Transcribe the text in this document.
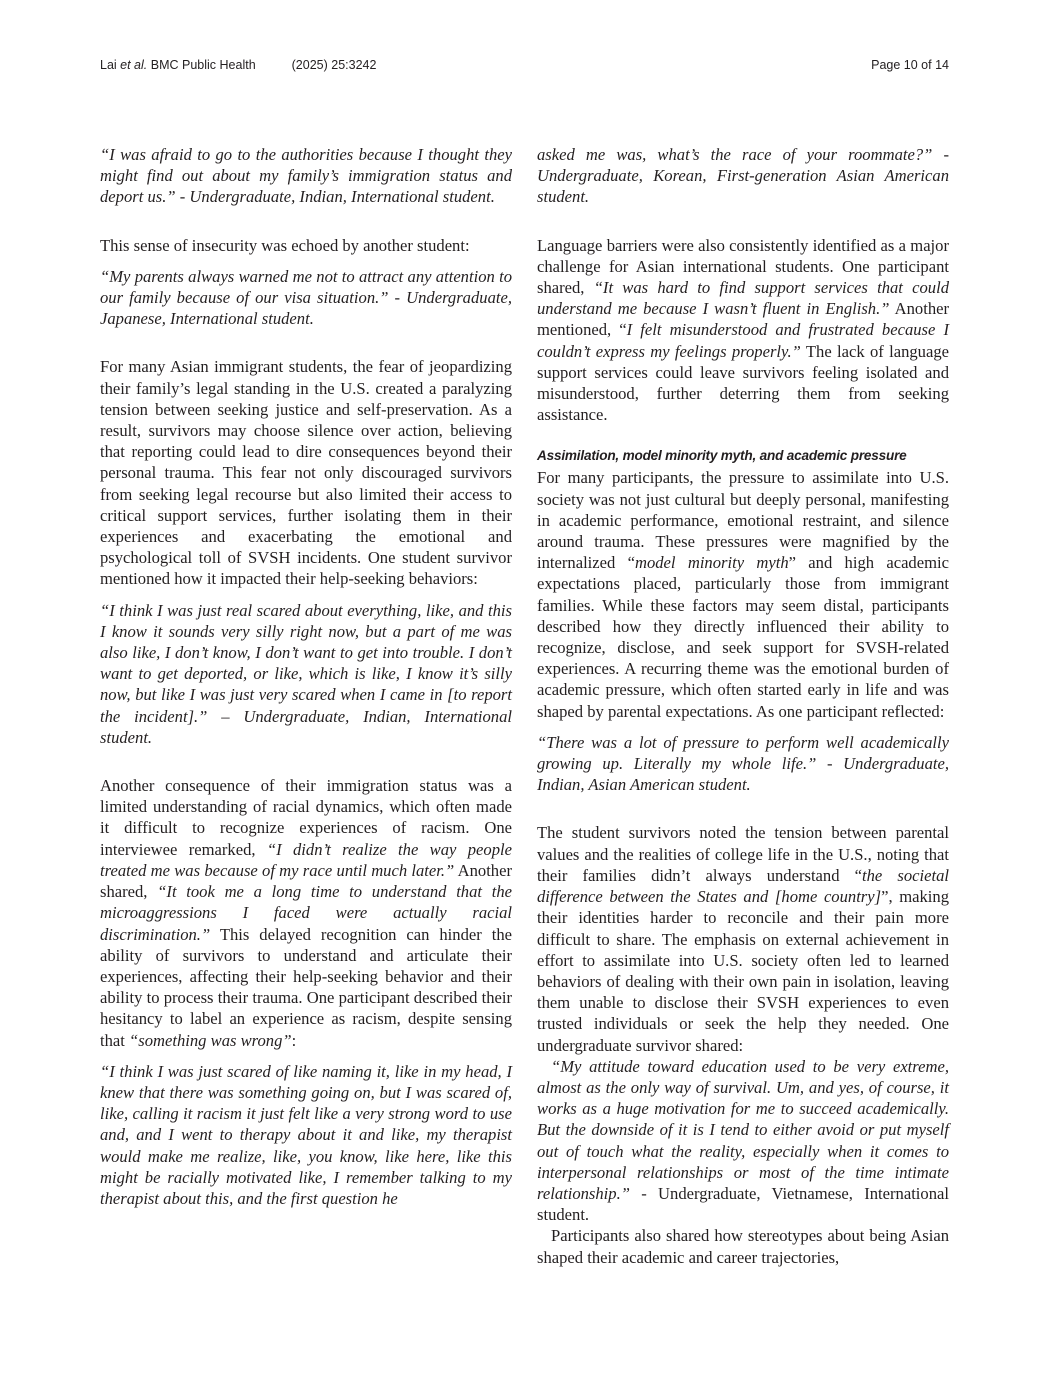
Lai et al. BMC Public Health	(2025) 25:3242	Page 10 of 14

“I was afraid to go to the authorities because I thought they might find out about my family’s immigration status and deport us.” - Undergraduate, Indian, International student.

This sense of insecurity was echoed by another student:

“My parents always warned me not to attract any attention to our family because of our visa situation.” - Undergraduate, Japanese, International student.

For many Asian immigrant students, the fear of jeopardizing their family’s legal standing in the U.S. created a paralyzing tension between seeking justice and self-preservation. As a result, survivors may choose silence over action, believing that reporting could lead to dire consequences beyond their personal trauma. This fear not only discouraged survivors from seeking legal recourse but also limited their access to critical support services, further isolating them in their experiences and exacerbating the emotional and psychological toll of SVSH incidents. One student survivor mentioned how it impacted their help-seeking behaviors:

“I think I was just real scared about everything, like, and this I know it sounds very silly right now, but a part of me was also like, I don’t know, I don’t want to get into trouble. I don’t want to get deported, or like, which is like, I know it’s silly now, but like I was just very scared when I came in [to report the incident].” – Undergraduate, Indian, International student.

Another consequence of their immigration status was a limited understanding of racial dynamics, which often made it difficult to recognize experiences of racism. One interviewee remarked, “I didn’t realize the way people treated me was because of my race until much later.” Another shared, “It took me a long time to understand that the microaggressions I faced were actually racial discrimination.” This delayed recognition can hinder the ability of survivors to understand and articulate their experiences, affecting their help-seeking behavior and their ability to process their trauma. One participant described their hesitancy to label an experience as racism, despite sensing that “something was wrong”:

“I think I was just scared of like naming it, like in my head, I knew that there was something going on, but I was scared of, like, calling it racism it just felt like a very strong word to use and, and I went to therapy about it and like, my therapist would make me realize, like, you know, like here, like this might be racially motivated like, I remember talking to my therapist about this, and the first question he

asked me was, what’s the race of your roommate?” - Undergraduate, Korean, First-generation Asian American student.

Language barriers were also consistently identified as a major challenge for Asian international students. One participant shared, “It was hard to find support services that could understand me because I wasn’t fluent in English.” Another mentioned, “I felt misunderstood and frustrated because I couldn’t express my feelings properly.” The lack of language support services could leave survivors feeling isolated and misunderstood, further deterring them from seeking assistance.

Assimilation, model minority myth, and academic pressure

For many participants, the pressure to assimilate into U.S. society was not just cultural but deeply personal, manifesting in academic performance, emotional restraint, and silence around trauma. These pressures were magnified by the internalized “model minority myth” and high academic expectations placed, particularly those from immigrant families. While these factors may seem distal, participants described how they directly influenced their ability to recognize, disclose, and seek support for SVSH-related experiences. A recurring theme was the emotional burden of academic pressure, which often started early in life and was shaped by parental expectations. As one participant reflected:

“There was a lot of pressure to perform well academically growing up. Literally my whole life.” - Undergraduate, Indian, Asian American student.

The student survivors noted the tension between parental values and the realities of college life in the U.S., noting that their families didn’t always understand “the societal difference between the States and [home country]”, making their identities harder to reconcile and their pain more difficult to share. The emphasis on external achievement in effort to assimilate into U.S. society often led to learned behaviors of dealing with their own pain in isolation, leaving them unable to disclose their SVSH experiences to even trusted individuals or seek the help they needed. One undergraduate survivor shared:

“My attitude toward education used to be very extreme, almost as the only way of survival. Um, and yes, of course, it works as a huge motivation for me to succeed academically. But the downside of it is I tend to either avoid or put myself out of touch what the reality, especially when it comes to interpersonal relationships or most of the time intimate relationship.” - Undergraduate, Vietnamese, International student.

Participants also shared how stereotypes about being Asian shaped their academic and career trajectories,
